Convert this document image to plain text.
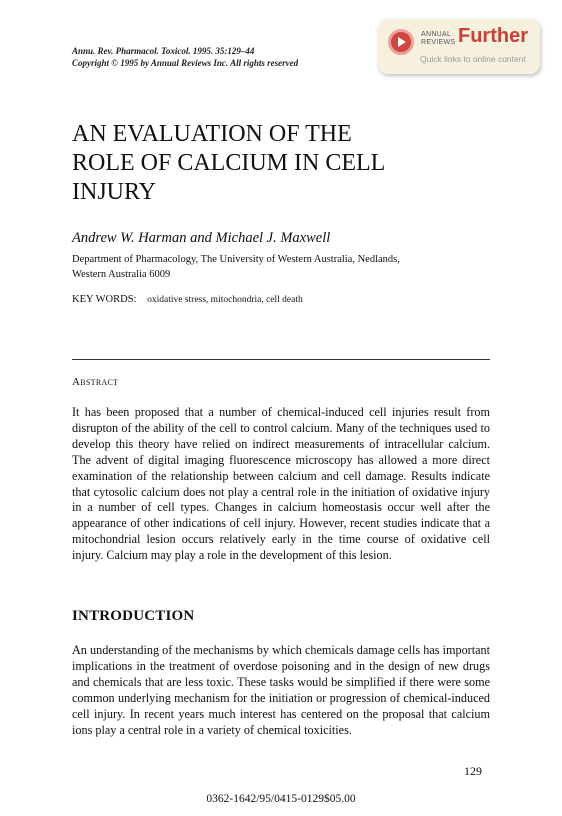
Annu. Rev. Pharmacol. Toxicol. 1995. 35:129–44
Copyright © 1995 by Annual Reviews Inc. All rights reserved
ANNUAL
REVIEWS Further
Quick links to online content
AN EVALUATION OF THE
ROLE OF CALCIUM IN CELL
INJURY
Andrew W. Harman and Michael J. Maxwell
Department of Pharmacology, The University of Western Australia, Nedlands,
Western Australia 6009
KEY WORDS: oxidative stress, mitochondria, cell death
Abstract

It has been proposed that a number of chemical-induced cell injuries result from disrupton of the ability of the cell to control calcium. Many of the techniques used to develop this theory have relied on indirect measurements of intracellular calcium. The advent of digital imaging fluorescence microscopy has allowed a more direct examination of the relationship between calcium and cell damage. Results indicate that cytosolic calcium does not play a central role in the initiation of oxidative injury in a number of cell types. Changes in calcium homeostasis occur well after the appearance of other indications of cell injury. However, recent studies indicate that a mitochondrial lesion occurs relatively early in the time course of oxidative cell injury. Calcium may play a role in the development of this lesion.

INTRODUCTION

An understanding of the mechanisms by which chemicals damage cells has important implications in the treatment of overdose poisoning and in the design of new drugs and chemicals that are less toxic. These tasks would be simplified if there were some common underlying mechanism for the initiation or progression of chemical-induced cell injury. In recent years much interest has centered on the proposal that calcium ions play a central role in a variety of chemical toxicities.

129
0362-1642/95/0415-0129$05.00
